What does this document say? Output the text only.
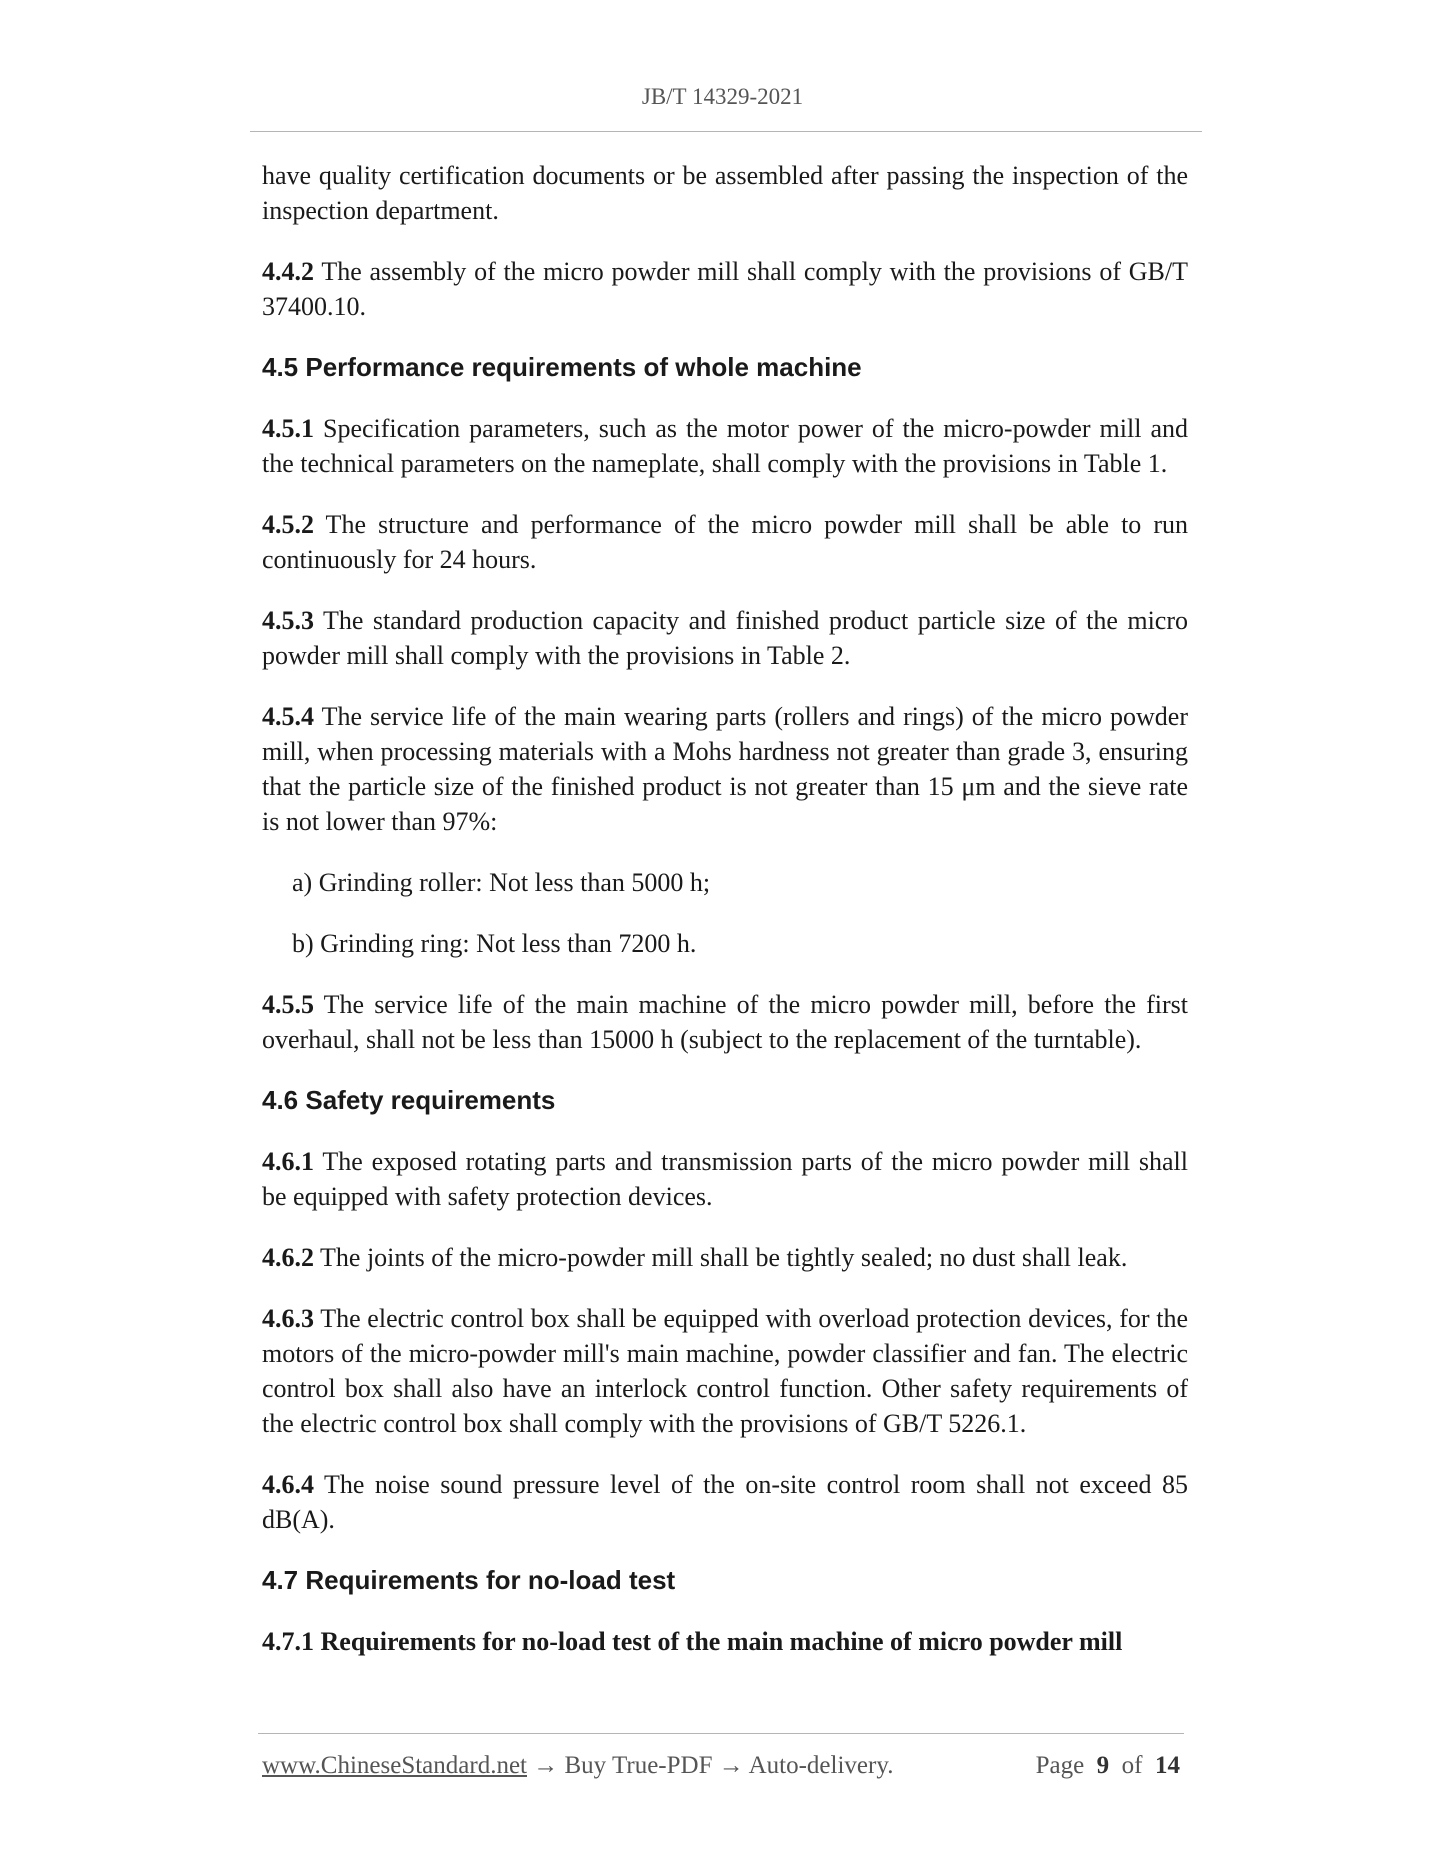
JB/T 14329-2021

have quality certification documents or be assembled after passing the inspection of the inspection department.

4.4.2 The assembly of the micro powder mill shall comply with the provisions of GB/T 37400.10.

4.5 Performance requirements of whole machine

4.5.1 Specification parameters, such as the motor power of the micro-powder mill and the technical parameters on the nameplate, shall comply with the provisions in Table 1.

4.5.2 The structure and performance of the micro powder mill shall be able to run continuously for 24 hours.

4.5.3 The standard production capacity and finished product particle size of the micro powder mill shall comply with the provisions in Table 2.

4.5.4 The service life of the main wearing parts (rollers and rings) of the micro powder mill, when processing materials with a Mohs hardness not greater than grade 3, ensuring that the particle size of the finished product is not greater than 15 μm and the sieve rate is not lower than 97%:

a) Grinding roller: Not less than 5000 h;

b) Grinding ring: Not less than 7200 h.

4.5.5 The service life of the main machine of the micro powder mill, before the first overhaul, shall not be less than 15000 h (subject to the replacement of the turntable).

4.6 Safety requirements

4.6.1 The exposed rotating parts and transmission parts of the micro powder mill shall be equipped with safety protection devices.

4.6.2 The joints of the micro-powder mill shall be tightly sealed; no dust shall leak.

4.6.3 The electric control box shall be equipped with overload protection devices, for the motors of the micro-powder mill's main machine, powder classifier and fan. The electric control box shall also have an interlock control function. Other safety requirements of the electric control box shall comply with the provisions of GB/T 5226.1.

4.6.4 The noise sound pressure level of the on-site control room shall not exceed 85 dB(A).

4.7 Requirements for no-load test
4.7.1 Requirements for no-load test of the main machine of micro powder mill
www.ChineseStandard.net → Buy True-PDF → Auto-delivery.	Page 9 of 14
